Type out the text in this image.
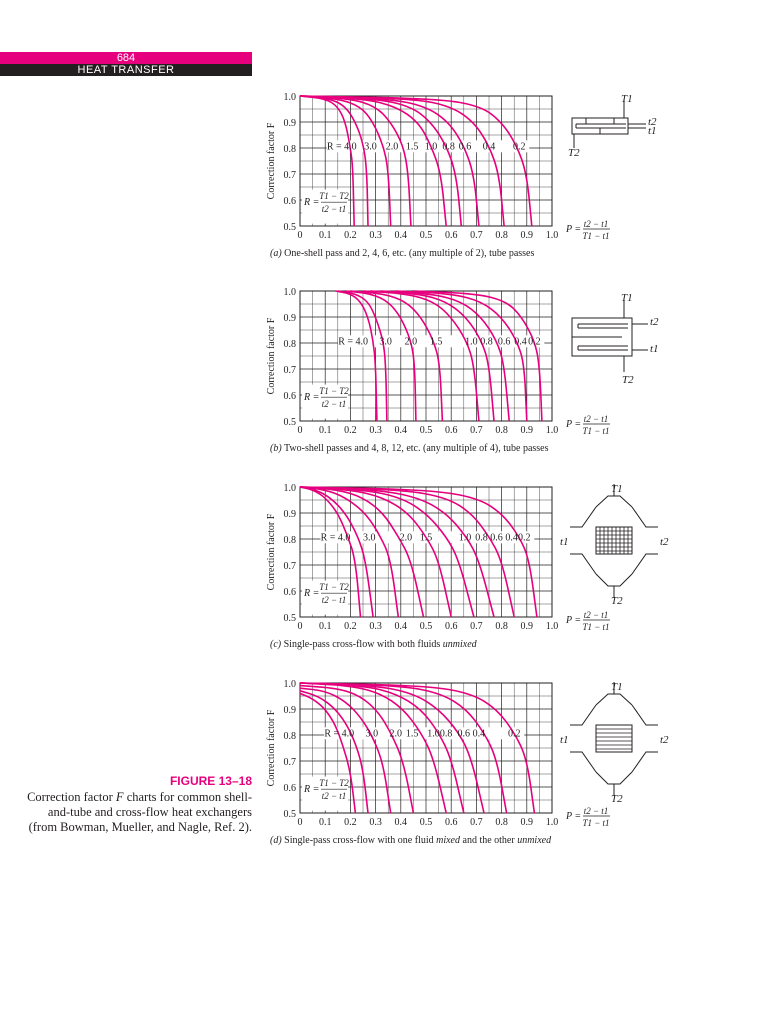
684
HEAT TRANSFER
0.5
0.6
0.7
0.8
0.9
1.0
0 0.1 0.2 0.3 0.4 0.5 0.6 0.7 0.8 0.9 1.0
Correction factor F
P = t2 − t1
T1 − t1
R =
T1 − T2
t2 − t1
R = 4.0 3.0 2.0 1.5 1.0 0.8 0.6 0.4 0.2
(a) One-shell pass and 2, 4, 6, etc. (any multiple of 2), tube passes
0.5
0.6
0.7
0.8
0.9
1.0
0 0.1 0.2 0.3 0.4 0.5 0.6 0.7 0.8 0.9 1.0
Correction factor F
P = t2 − t1
T1 − t1
R =
T1 − T2
t2 − t1
R = 4.0 3.0 2.0 1.5 1.0 0.8 0.6 0.4 0.2
(b) Two-shell passes and 4, 8, 12, etc. (any multiple of 4), tube passes
0.5
0.6
0.7
0.8
0.9
1.0
0 0.1 0.2 0.3 0.4 0.5 0.6 0.7 0.8 0.9 1.0
Correction factor F
P = t2 − t1
T1 − t1
R =
T1 − T2
t2 − t1
R = 4.0 3.0 2.0 1.5	1.0 0.8 0.6 0.4 0.2
(c) Single-pass cross-flow with both fluids unmixed
0.5
0.6
0.7
0.8
0.9
1.0
0 0.1 0.2 0.3 0.4 0.5 0.6 0.7 0.8 0.9 1.0
Correction factor F
P = t2 − t1
T1 − t1
R =
T1 − T2
t2 − t1
R = 4.0 3.0 2.0 1.5 1.0 0.8 0.6 0.4 0.2
(d) Single-pass cross-flow with one fluid mixed and the other unmixed
T1
T2
t2
t1
T1
T2
t2
t1
T1
T2
t1	t2
T1
T2
t1	t2
FIGURE 13–18
Correction factor F charts for common shell-and-tube and cross-flow heat exchangers (from Bowman, Mueller, and Nagle, Ref. 2).
